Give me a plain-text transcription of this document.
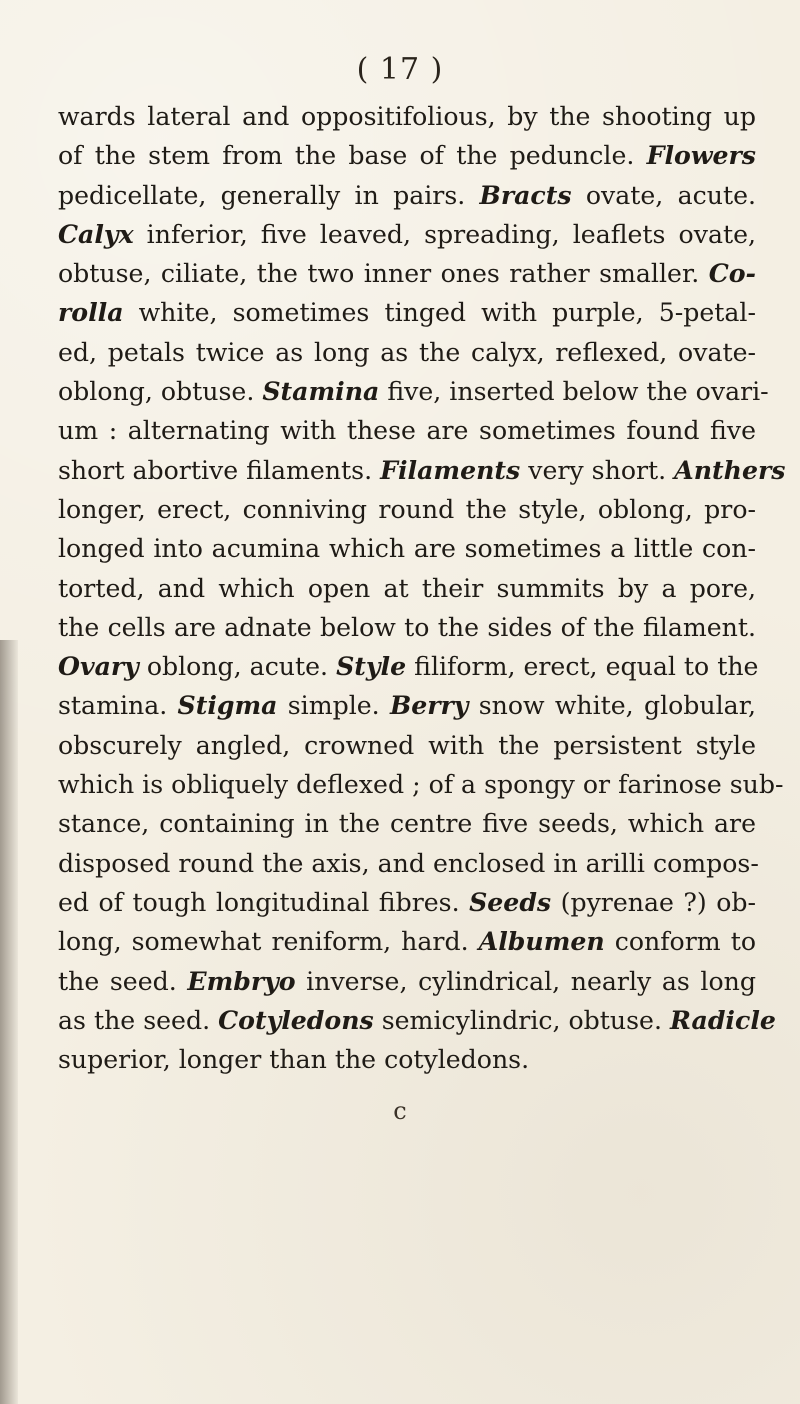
( 17 )
wards lateral and oppositifolious, by the shooting up
of the stem from the base of the peduncle. Flowers
pedicellate, generally in pairs. Bracts ovate, acute.
Calyx inferior, five leaved, spreading, leaflets ovate,
obtuse, ciliate, the two inner ones rather smaller. Co-
rolla white, sometimes tinged with purple, 5-petal-
ed, petals twice as long as the calyx, reflexed, ovate-
oblong, obtuse. Stamina five, inserted below the ovari-
um : alternating with these are sometimes found five
short abortive filaments. Filaments very short. Anthers
longer, erect, conniving round the style, oblong, pro-
longed into acumina which are sometimes a little con-
torted, and which open at their summits by a pore,
the cells are adnate below to the sides of the filament.
Ovary oblong, acute. Style filiform, erect, equal to the
stamina. Stigma simple. Berry snow white, globular,
obscurely angled, crowned with the persistent style
which is obliquely deflexed ; of a spongy or farinose sub-
stance, containing in the centre five seeds, which are
disposed round the axis, and enclosed in arilli compos-
ed of tough longitudinal fibres. Seeds (pyrenae ?) ob-
long, somewhat reniform, hard. Albumen conform to
the seed. Embryo inverse, cylindrical, nearly as long
as the seed. Cotyledons semicylindric, obtuse. Radicle
superior, longer than the cotyledons.
c
